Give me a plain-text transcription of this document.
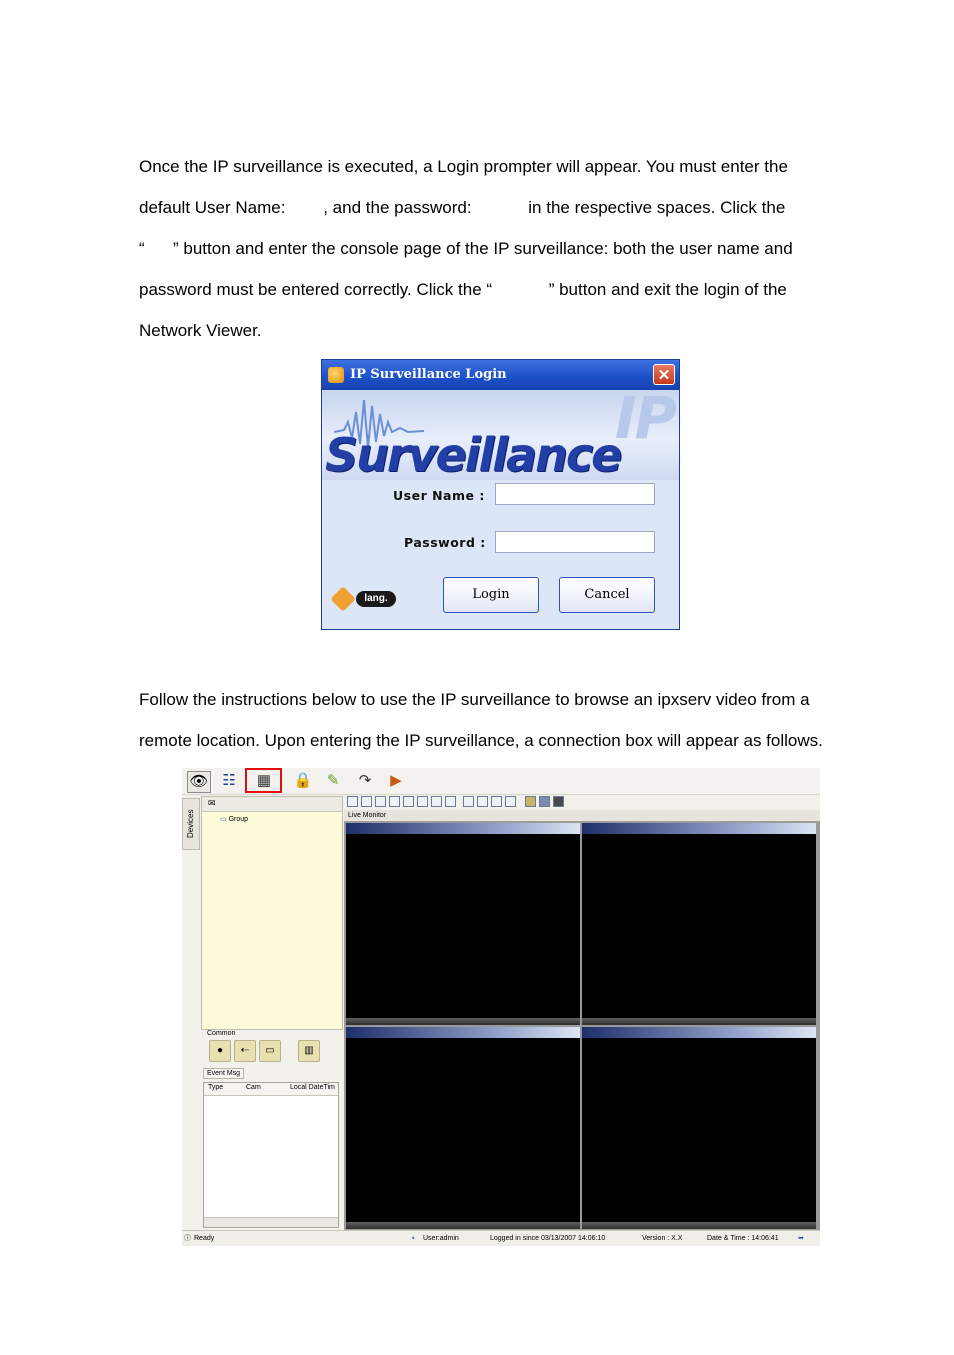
Once the IP surveillance is executed, a Login prompter will appear. You must enter the
default User Name:        , and the password:            in the respective spaces. Click the
“      ” button and enter the console page of the IP surveillance: both the user name and
password must be entered correctly. Click the “            ” button and exit the login of the
Network Viewer.
IP Surveillance Login	✕
IP
Surveillance
User Name :
Password :
lang.	Login	Cancel
Follow the instructions below to use the IP surveillance to browse an ipxserv video from a
remote location. Upon entering the IP surveillance, a connection box will appear as follows.
👁 ☷ ▦ 🔒 ✎	↷	▶
Devices
✉
▭ Group
Common
●	⇠	▭	▥
Event Msg
Type	Cam	Local DateTim
Live Monitor
ⓘ Ready	▪ User:admin	Logged in since 03/13/2007 14:06:10	Version : X.X	Date & Time : 14:06:41	➡
